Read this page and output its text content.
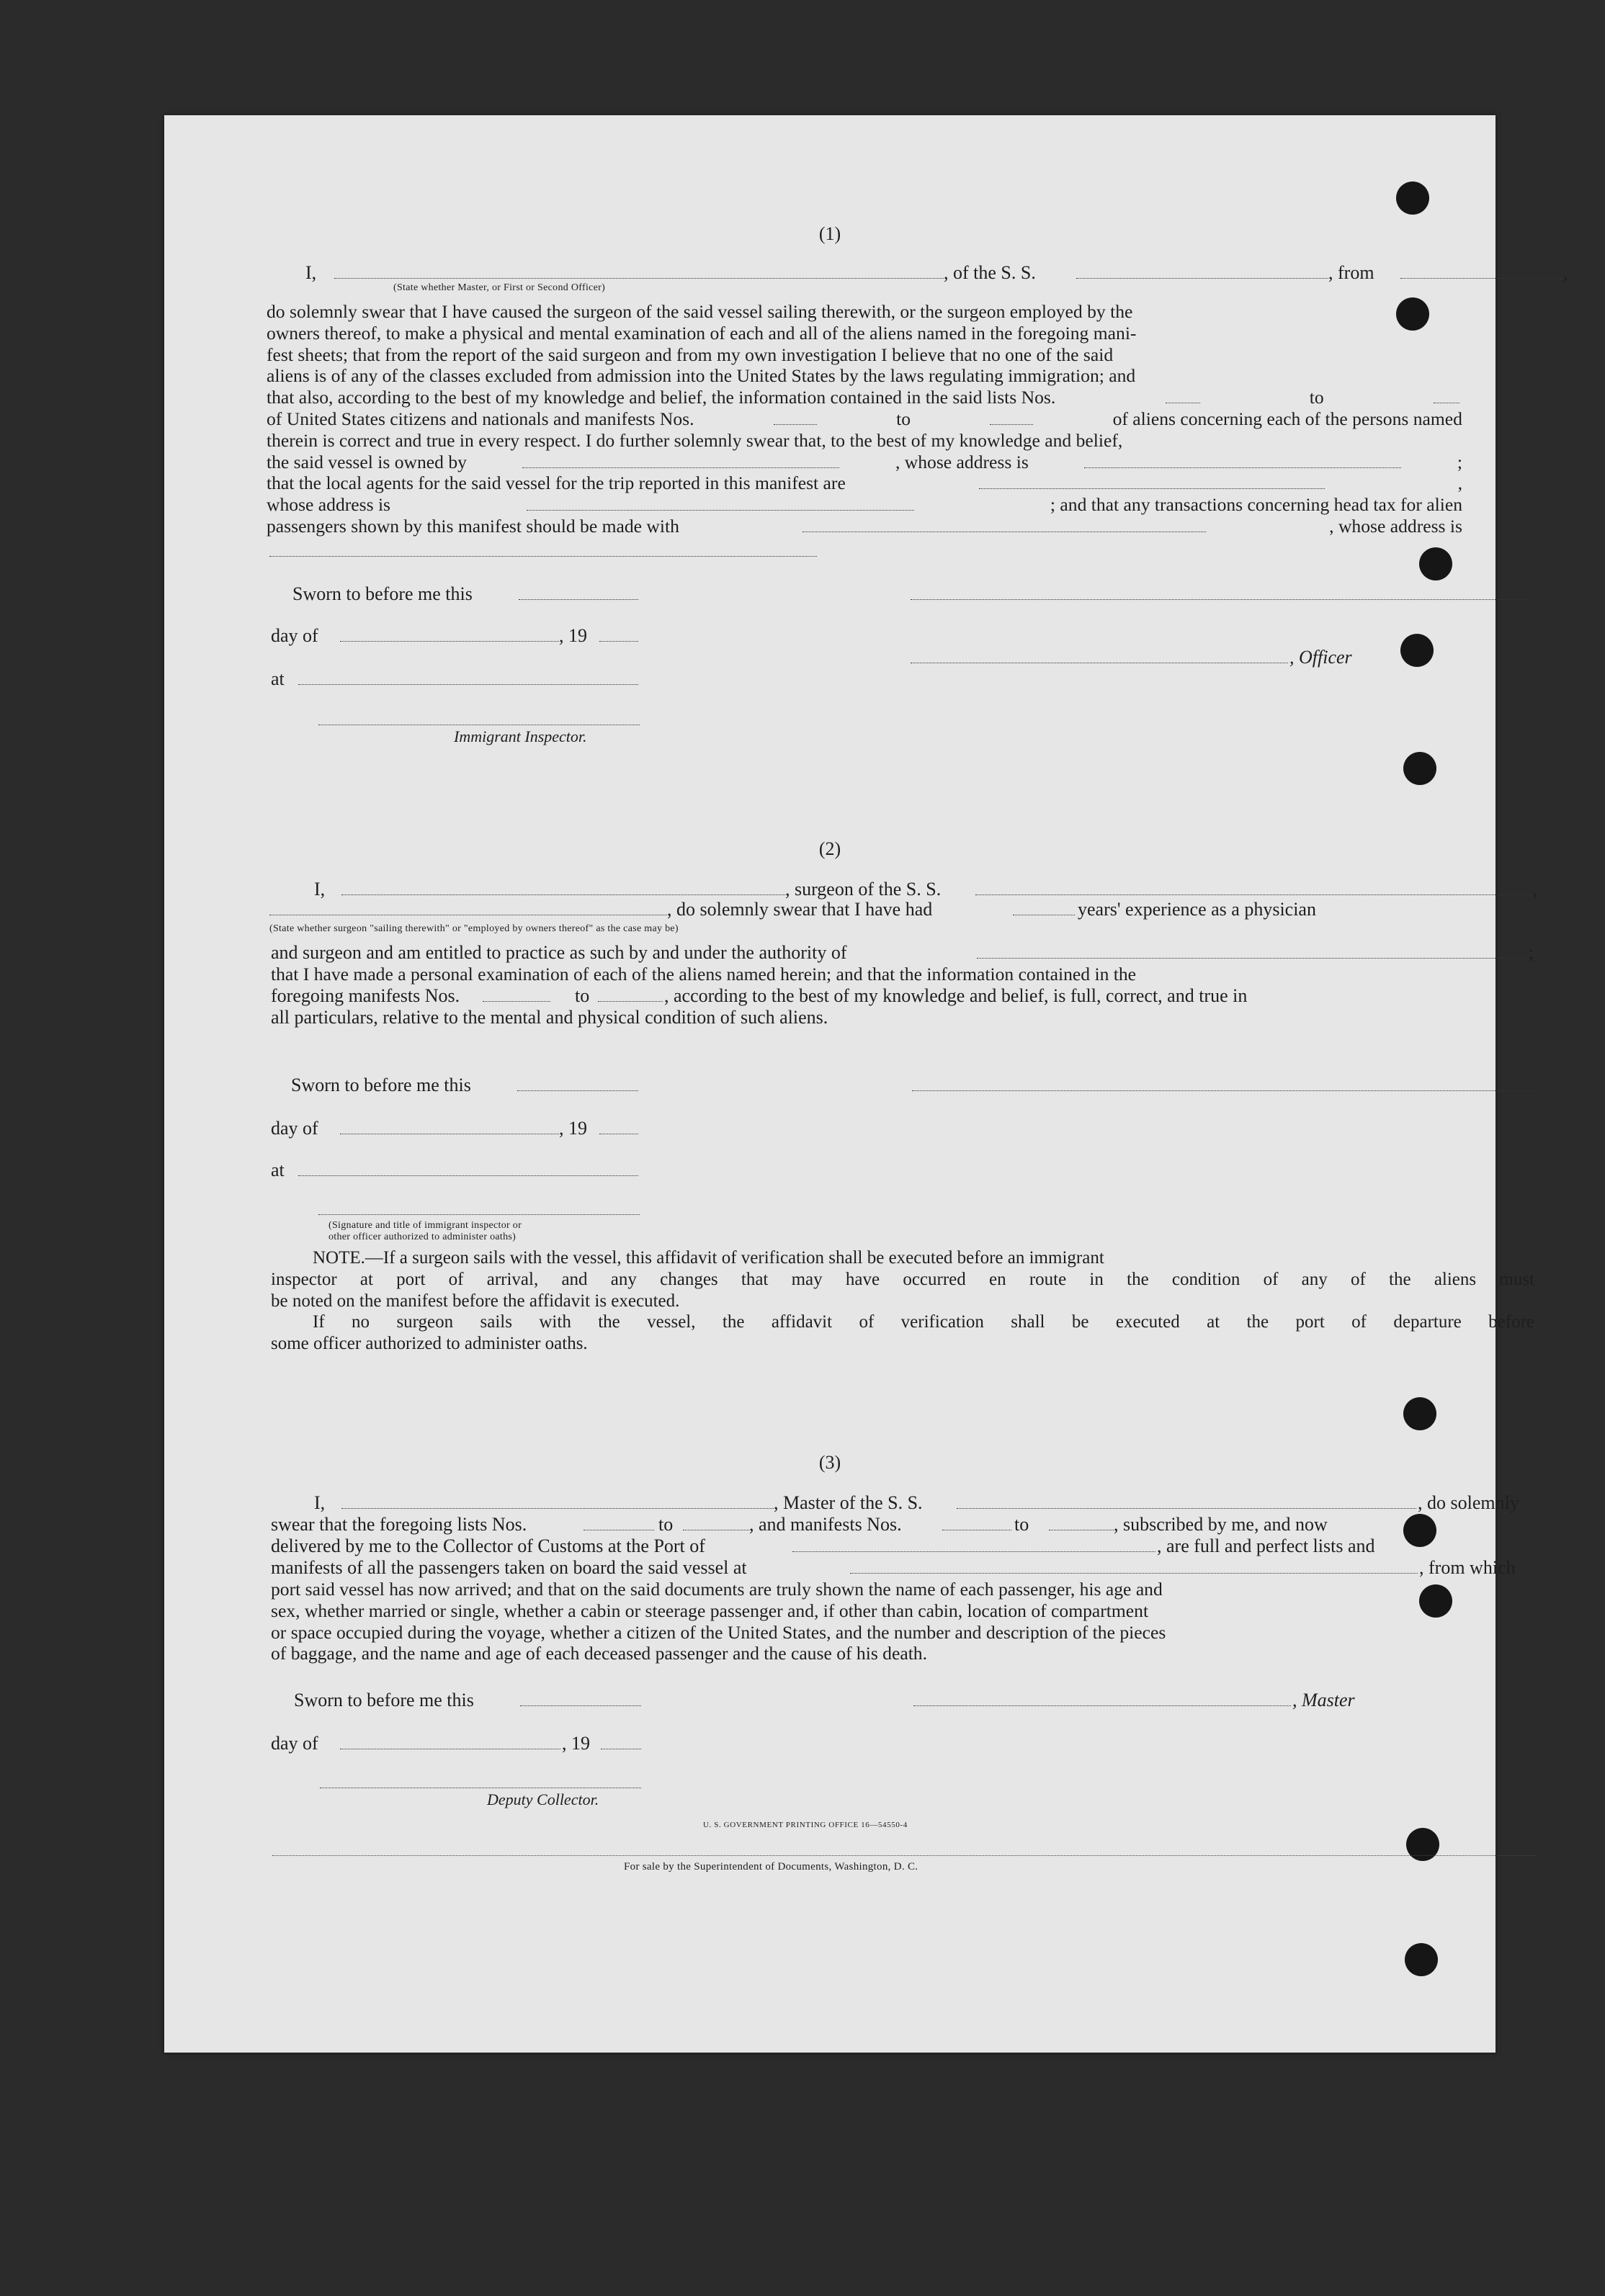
(1)
I,	, of the S. S.	, from	,
(State whether Master, or First or Second Officer)
do solemnly swear that I have caused the surgeon of the said vessel sailing therewith, or the surgeon employed by the
owners thereof, to make a physical and mental examination of each and all of the aliens named in the foregoing mani-
fest sheets; that from the report of the said surgeon and from my own investigation I believe that no one of the said
aliens is of any of the classes excluded from admission into the United States by the laws regulating immigration; and
that also, according to the best of my knowledge and belief, the information contained in the said lists Nos.	to
of United States citizens and nationals and manifests Nos.	to	of aliens concerning each of the persons named
therein is correct and true in every respect. I do further solemnly swear that, to the best of my knowledge and belief,
the said vessel is owned by	, whose address is	;
that the local agents for the said vessel for the trip reported in this manifest are	,
whose address is	; and that any transactions concerning head tax for alien
passengers shown by this manifest should be made with	, whose address is
Sworn to before me this
day of	, 19
, Officer
at
Immigrant Inspector.
(2)
I,	, surgeon of the S. S.	,
, do solemnly swear that I have had	years' experience as a physician
(State whether surgeon "sailing therewith" or "employed by owners thereof" as the case may be)
and surgeon and am entitled to practice as such by and under the authority of	;
that I have made a personal examination of each of the aliens named herein; and that the information contained in the
foregoing manifests Nos.	to	, according to the best of my knowledge and belief, is full, correct, and true in
all particulars, relative to the mental and physical condition of such aliens.
Sworn to before me this
day of	, 19
at
(Signature and title of immigrant inspector or
other officer authorized to administer oaths)
NOTE.—If a surgeon sails with the vessel, this affidavit of verification shall be executed before an immigrant
inspector at port of arrival, and any changes that may have occurred en route in the condition of any of the aliens must
be noted on the manifest before the affidavit is executed.
If no surgeon sails with the vessel, the affidavit of verification shall be executed at the port of departure before
some officer authorized to administer oaths.
(3)
I,	, Master of the S. S.	, do solemnly
swear that the foregoing lists Nos.	to	, and manifests Nos.	to	, subscribed by me, and now
delivered by me to the Collector of Customs at the Port of	, are full and perfect lists and
manifests of all the passengers taken on board the said vessel at	, from which
port said vessel has now arrived; and that on the said documents are truly shown the name of each passenger, his age and
sex, whether married or single, whether a cabin or steerage passenger and, if other than cabin, location of compartment
or space occupied during the voyage, whether a citizen of the United States, and the number and description of the pieces
of baggage, and the name and age of each deceased passenger and the cause of his death.
Sworn to before me this	, Master
day of	, 19
Deputy Collector.
U. S. GOVERNMENT PRINTING OFFICE 16—54550-4
For sale by the Superintendent of Documents, Washington, D. C.
